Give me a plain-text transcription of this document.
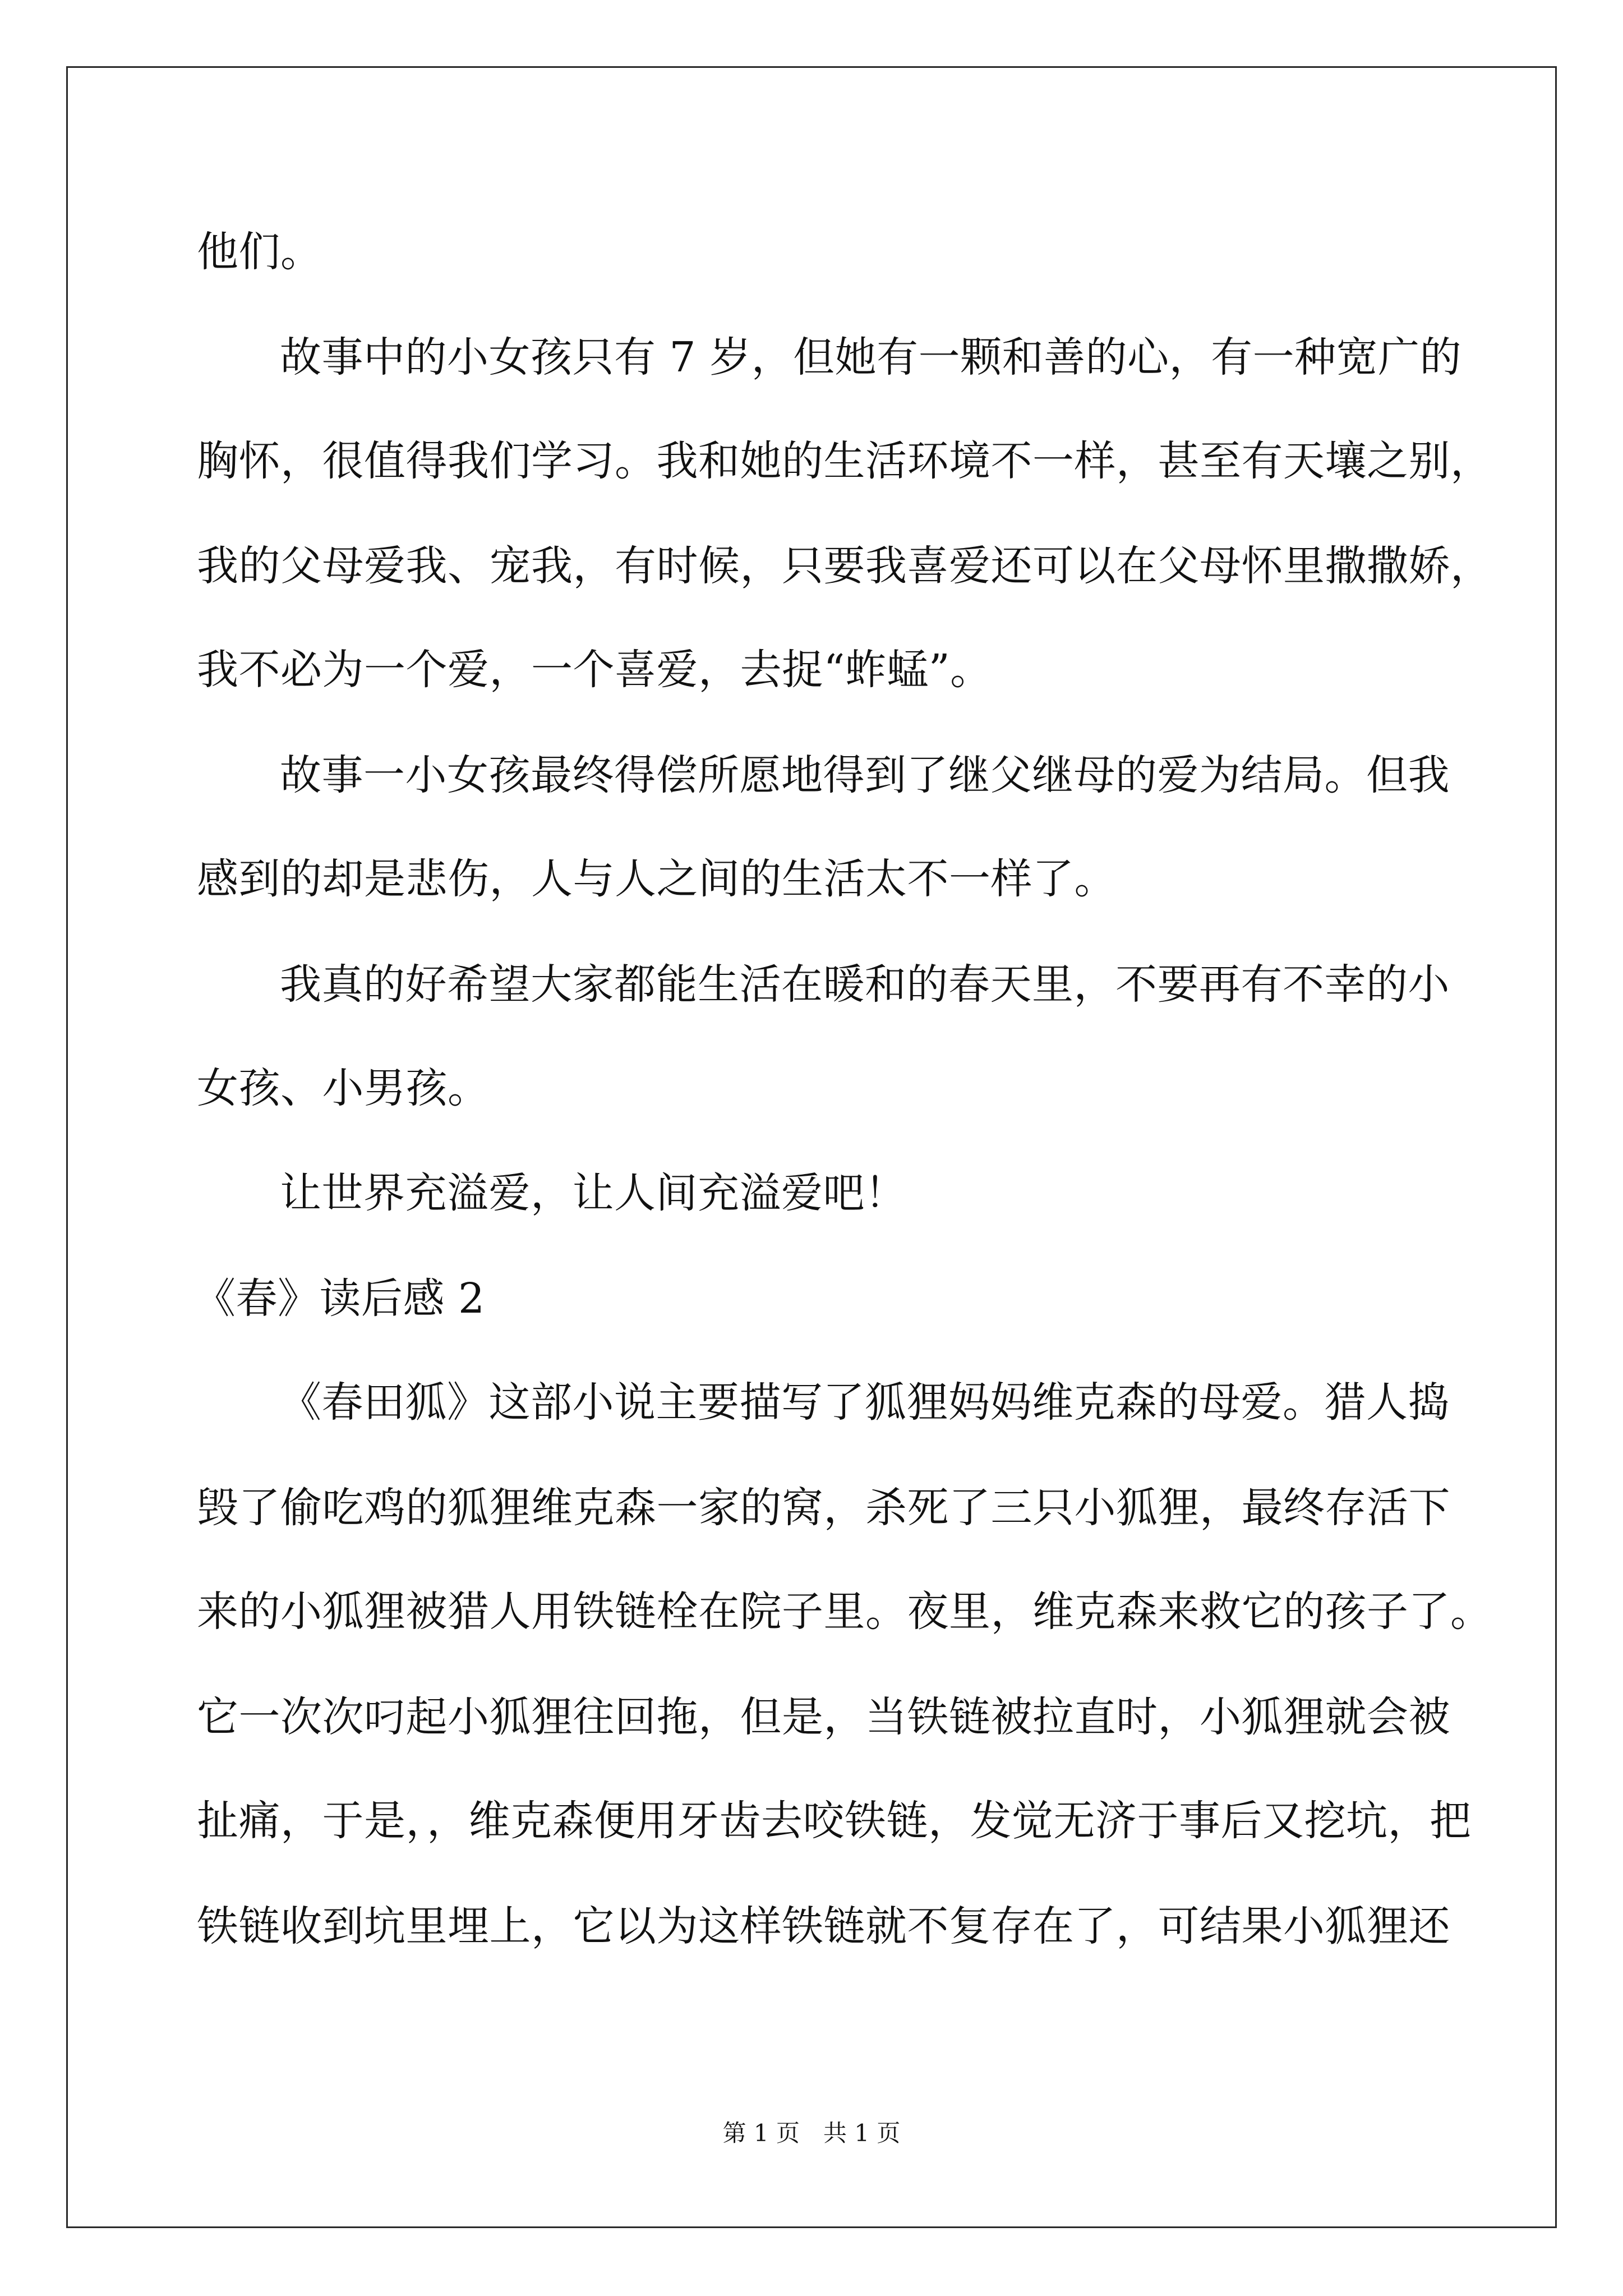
他们。
故事中的小女孩只有 7 岁，但她有一颗和善的心，有一种宽广的
胸怀，很值得我们学习。我和她的生活环境不一样，甚至有天壤之别，
我的父母爱我、宠我，有时候，只要我喜爱还可以在父母怀里撒撒娇，
我不必为一个爱，一个喜爱，去捉“蚱蜢”。
故事一小女孩最终得偿所愿地得到了继父继母的爱为结局。但我
感到的却是悲伤，人与人之间的生活太不一样了。
我真的好希望大家都能生活在暖和的春天里，不要再有不幸的小
女孩、小男孩。
让世界充溢爱，让人间充溢爱吧！
《春》读后感 2
《春田狐》这部小说主要描写了狐狸妈妈维克森的母爱。猎人捣
毁了偷吃鸡的狐狸维克森一家的窝，杀死了三只小狐狸，最终存活下
来的小狐狸被猎人用铁链栓在院子里。夜里，维克森来救它的孩子了。
它一次次叼起小狐狸往回拖，但是，当铁链被拉直时，小狐狸就会被
扯痛，于是，，维克森便用牙齿去咬铁链，发觉无济于事后又挖坑，把
铁链收到坑里埋上，它以为这样铁链就不复存在了，可结果小狐狸还
第 1 页　共 1 页
